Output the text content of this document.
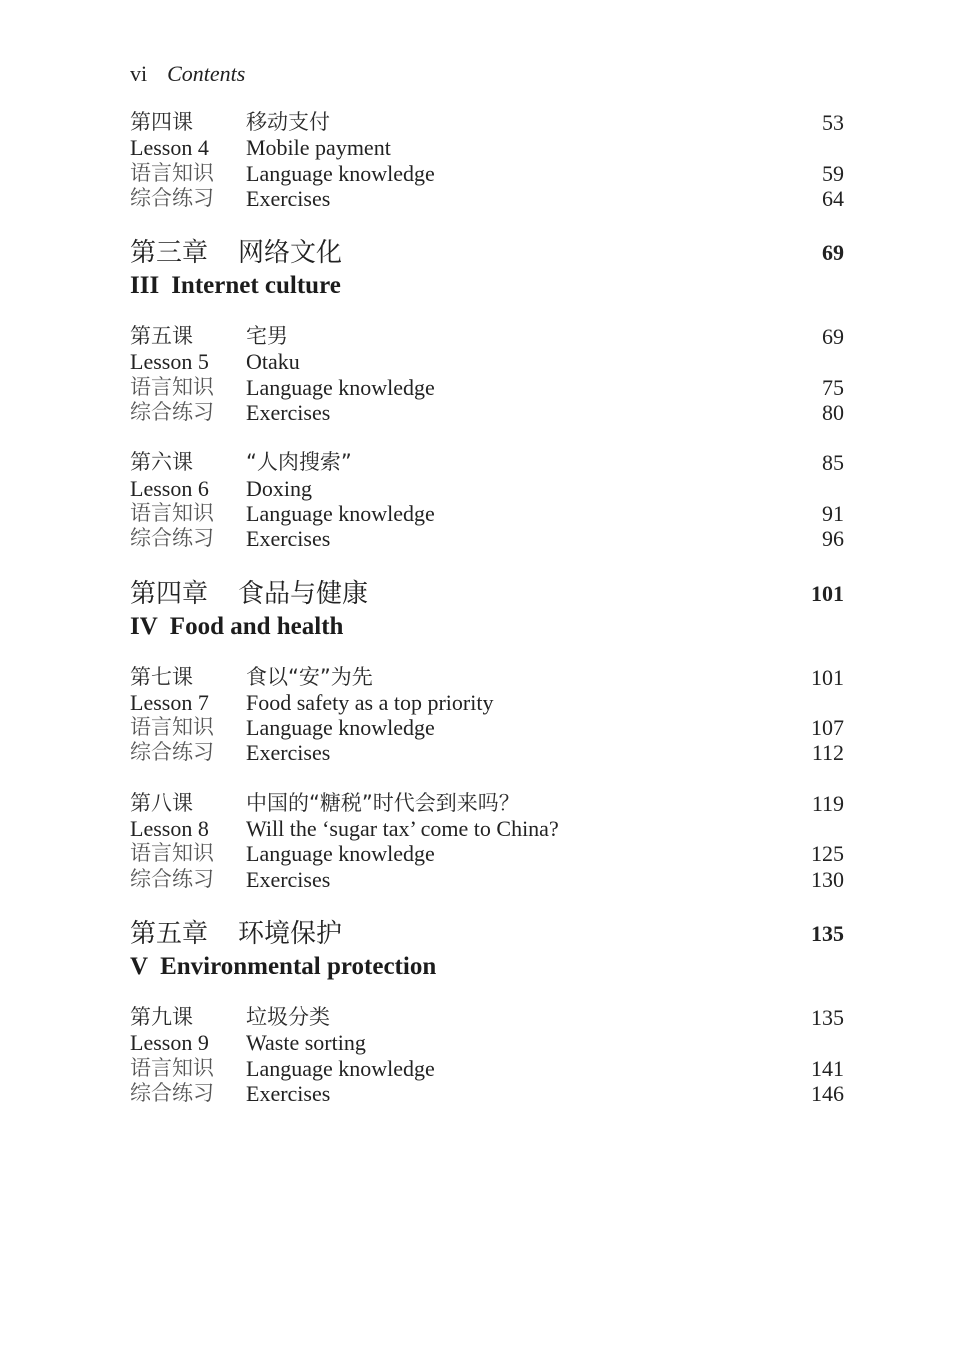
vi Contents
第四课	移动支付	53
Lesson 4 Mobile payment
语言知识 Language knowledge	59
综合练习 Exercises	64
第三章 网络文化	69
III Internet culture
第五课	宅男	69
Lesson 5 Otaku
语言知识 Language knowledge	75
综合练习 Exercises	80
第六课	“人肉搜索”	85
Lesson 6 Doxing
语言知识 Language knowledge	91
综合练习 Exercises	96
第四章 食品与健康	101
IV Food and health
第七课	食以“安”为先	101
Lesson 7 Food safety as a top priority
语言知识 Language knowledge	107
综合练习 Exercises	112
第八课	中国的“糖税”时代会到来吗？	119
Lesson 8 Will the ‘sugar tax’ come to China?
语言知识 Language knowledge	125
综合练习 Exercises	130
第五章 环境保护	135
V Environmental protection
第九课	垃圾分类	135
Lesson 9 Waste sorting
语言知识 Language knowledge	141
综合练习 Exercises	146
